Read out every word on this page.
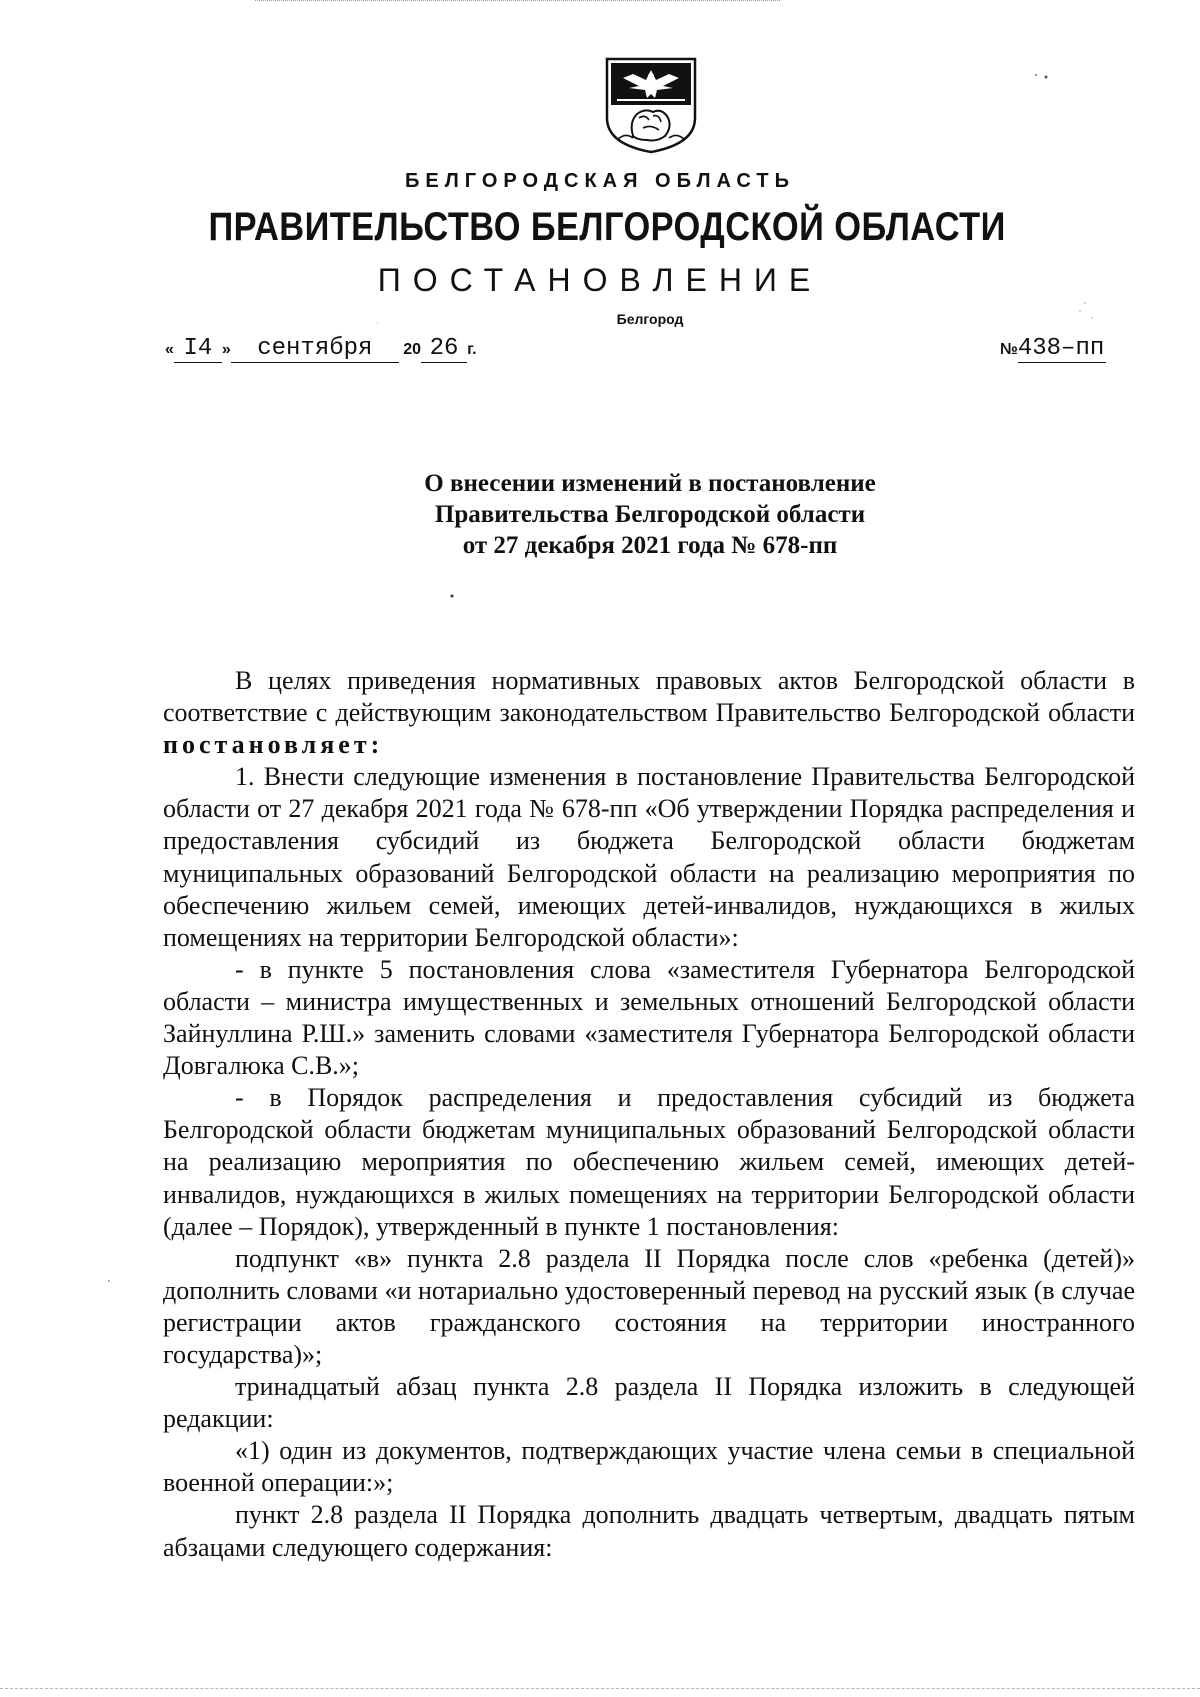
БЕЛГОРОДСКАЯ ОБЛАСТЬ
ПРАВИТЕЛЬСТВО БЕЛГОРОДСКОЙ ОБЛАСТИ
ПОСТАНОВЛЕНИЕ
Белгород
« I4 » сентября 20 26 г.	№438–пп
О внесении изменений в постановление
Правительства Белгородской области
от 27 декабря 2021 года № 678-пп

В целях приведения нормативных правовых актов Белгородской области в соответствие с действующим законодательством Правительство Белгородской области постановляет:

1. Внести следующие изменения в постановление Правительства Белгородской области от 27 декабря 2021 года № 678-пп «Об утверждении Порядка распределения и предоставления субсидий из бюджета Белгородской области бюджетам муниципальных образований Белгородской области на реализацию мероприятия по обеспечению жильем семей, имеющих детей-инвалидов, нуждающихся в жилых помещениях на территории Белгородской области»:

- в пункте 5 постановления слова «заместителя Губернатора Белгородской области – министра имущественных и земельных отношений Белгородской области Зайнуллина Р.Ш.» заменить словами «заместителя Губернатора Белгородской области Довгалюка С.В.»;

- в Порядок распределения и предоставления субсидий из бюджета Белгородской области бюджетам муниципальных образований Белгородской области на реализацию мероприятия по обеспечению жильем семей, имеющих детей-инвалидов, нуждающихся в жилых помещениях на территории Белгородской области (далее – Порядок), утвержденный в пункте 1 постановления:

подпункт «в» пункта 2.8 раздела II Порядка после слов «ребенка (детей)» дополнить словами «и нотариально удостоверенный перевод на русский язык (в случае регистрации актов гражданского состояния на территории иностранного государства)»;

тринадцатый абзац пункта 2.8 раздела II Порядка изложить в следующей редакции:

«1) один из документов, подтверждающих участие члена семьи в специальной военной операции:»;

пункт 2.8 раздела II Порядка дополнить двадцать четвертым, двадцать пятым абзацами следующего содержания:
